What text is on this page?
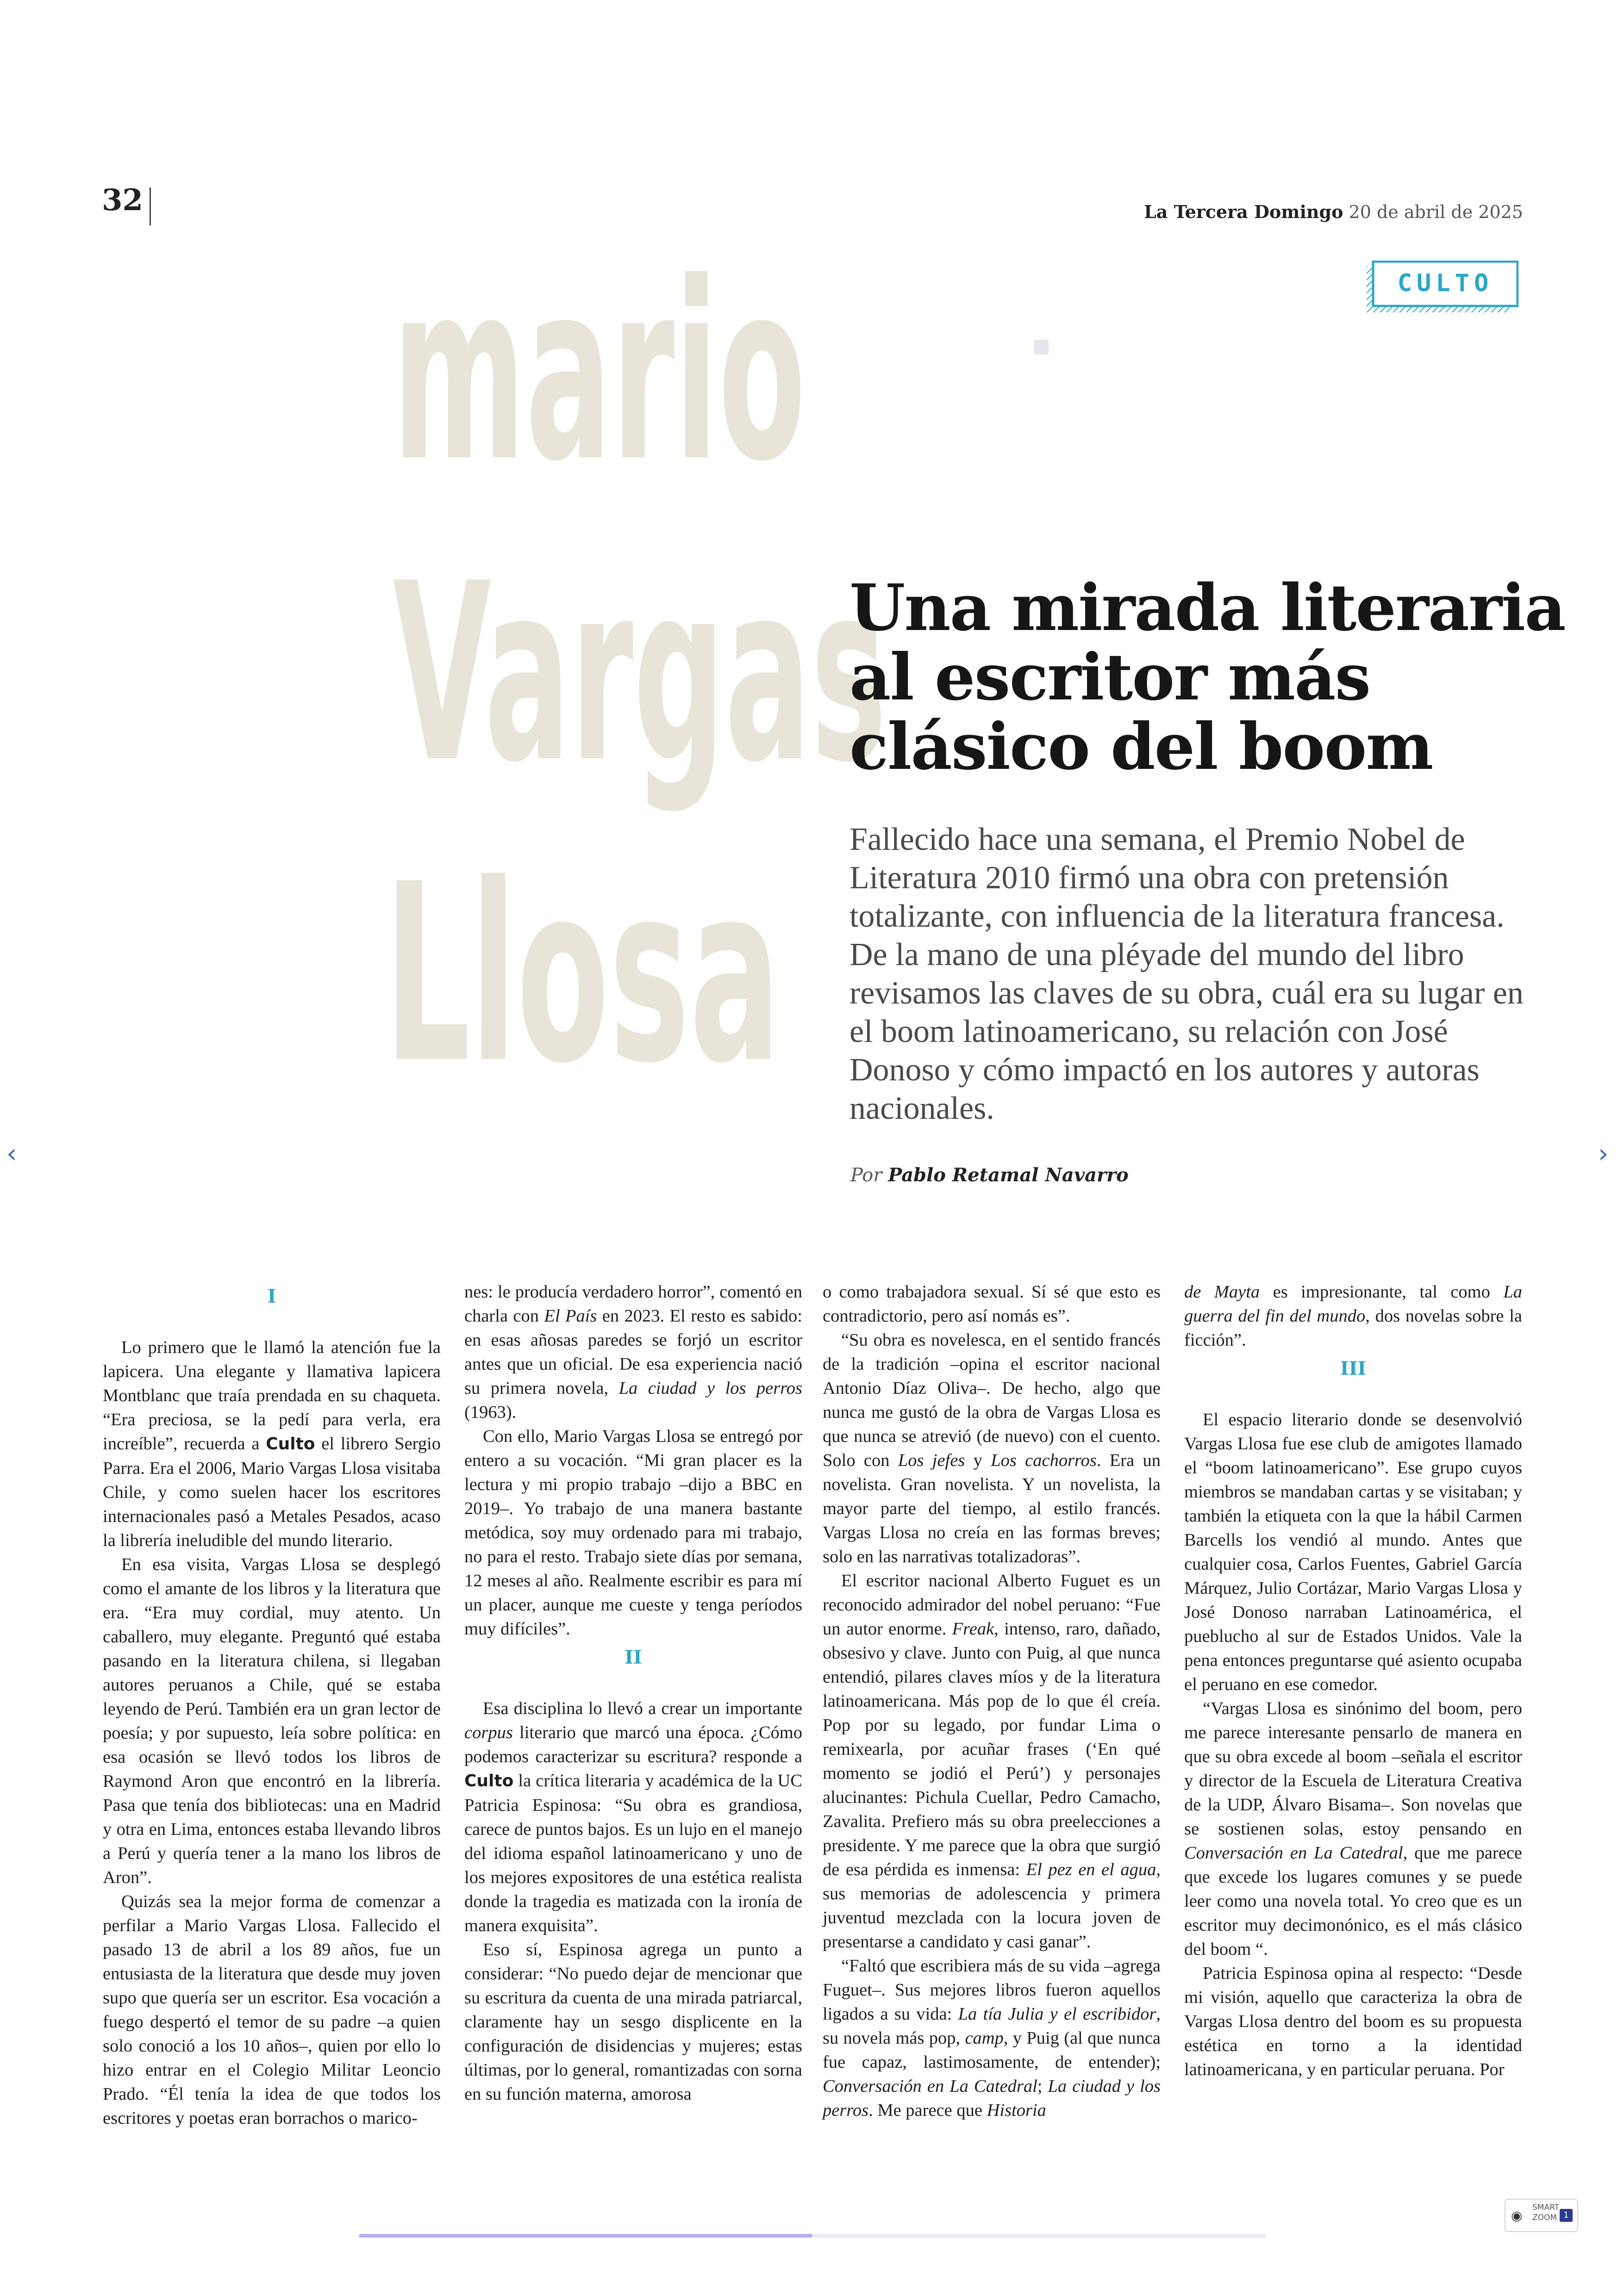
32	La Tercera Domingo 20 de abril de 2025
CULTO
mario
Vargas
Llosa
Una mirada literaria
al escritor más
clásico del boom
Fallecido hace una semana, el Premio Nobel de Literatura 2010 firmó una obra con pretensión totalizante, con influencia de la literatura francesa. De la mano de una pléyade del mundo del libro revisamos las claves de su obra, cuál era su lugar en el boom latinoamericano, su relación con José Donoso y cómo impactó en los autores y autoras nacionales.
Por Pablo Retamal Navarro

I

Lo primero que le llamó la atención fue la lapicera. Una elegante y llamativa lapicera Montblanc que traía prendada en su chaqueta. “Era preciosa, se la pedí para verla, era increíble”, recuerda a Culto el librero Sergio Parra. Era el 2006, Mario Vargas Llosa visitaba Chile, y como suelen hacer los escritores internacionales pasó a Metales Pesados, acaso la librería ineludible del mundo literario.

En esa visita, Vargas Llosa se desplegó como el amante de los libros y la literatura que era. “Era muy cordial, muy atento. Un caballero, muy elegante. Preguntó qué estaba pasando en la literatura chilena, si llegaban autores peruanos a Chile, qué se estaba leyendo de Perú. También era un gran lector de poesía; y por supuesto, leía sobre política: en esa ocasión se llevó todos los libros de Raymond Aron que encontró en la librería. Pasa que tenía dos bibliotecas: una en Madrid y otra en Lima, entonces estaba llevando libros a Perú y quería tener a la mano los libros de Aron”.

Quizás sea la mejor forma de comenzar a perfilar a Mario Vargas Llosa. Fallecido el pasado 13 de abril a los 89 años, fue un entusiasta de la literatura que desde muy joven supo que quería ser un escritor. Esa vocación a fuego despertó el temor de su padre –a quien solo conoció a los 10 años–, quien por ello lo hizo entrar en el Colegio Militar Leoncio Prado. “Él tenía la idea de que todos los escritores y poetas eran borrachos o marico-

nes: le producía verdadero horror”, comentó en charla con El País en 2023. El resto es sabido: en esas añosas paredes se forjó un escritor antes que un oficial. De esa experiencia nació su primera novela, La ciudad y los perros (1963).

Con ello, Mario Vargas Llosa se entregó por entero a su vocación. “Mi gran placer es la lectura y mi propio trabajo –dijo a BBC en 2019–. Yo trabajo de una manera bastante metódica, soy muy ordenado para mi trabajo, no para el resto. Trabajo siete días por semana, 12 meses al año. Realmente escribir es para mí un placer, aunque me cueste y tenga períodos muy difíciles”.

II

Esa disciplina lo llevó a crear un importante corpus literario que marcó una época. ¿Cómo podemos caracterizar su escritura? responde a Culto la crítica literaria y académica de la UC Patricia Espinosa: “Su obra es grandiosa, carece de puntos bajos. Es un lujo en el manejo del idioma español latinoamericano y uno de los mejores expositores de una estética realista donde la tragedia es matizada con la ironía de manera exquisita”.

Eso sí, Espinosa agrega un punto a considerar: “No puedo dejar de mencionar que su escritura da cuenta de una mirada patriarcal, claramente hay un sesgo displicente en la configuración de disidencias y mujeres; estas últimas, por lo general, romantizadas con sorna en su función materna, amorosa

o como trabajadora sexual. Sí sé que esto es contradictorio, pero así nomás es”.

“Su obra es novelesca, en el sentido francés de la tradición –opina el escritor nacional Antonio Díaz Oliva–. De hecho, algo que nunca me gustó de la obra de Vargas Llosa es que nunca se atrevió (de nuevo) con el cuento. Solo con Los jefes y Los cachorros. Era un novelista. Gran novelista. Y un novelista, la mayor parte del tiempo, al estilo francés. Vargas Llosa no creía en las formas breves; solo en las narrativas totalizadoras”.

El escritor nacional Alberto Fuguet es un reconocido admirador del nobel peruano: “Fue un autor enorme. Freak, intenso, raro, dañado, obsesivo y clave. Junto con Puig, al que nunca entendió, pilares claves míos y de la literatura latinoamericana. Más pop de lo que él creía. Pop por su legado, por fundar Lima o remixearla, por acuñar frases (‘En qué momento se jodió el Perú’) y personajes alucinantes: Pichula Cuellar, Pedro Camacho, Zavalita. Prefiero más su obra preelecciones a presidente. Y me parece que la obra que surgió de esa pérdida es inmensa: El pez en el agua, sus memorias de adolescencia y primera juventud mezclada con la locura joven de presentarse a candidato y casi ganar”.

“Faltó que escribiera más de su vida –agrega Fuguet–. Sus mejores libros fueron aquellos ligados a su vida: La tía Julia y el escribidor, su novela más pop, camp, y Puig (al que nunca fue capaz, lastimosamente, de entender); Conversación en La Catedral; La ciudad y los perros. Me parece que Historia

de Mayta es impresionante, tal como La guerra del fin del mundo, dos novelas sobre la ficción”.

III

El espacio literario donde se desenvolvió Vargas Llosa fue ese club de amigotes llamado el “boom latinoamericano”. Ese grupo cuyos miembros se mandaban cartas y se visitaban; y también la etiqueta con la que la hábil Carmen Barcells los vendió al mundo. Antes que cualquier cosa, Carlos Fuentes, Gabriel García Márquez, Julio Cortázar, Mario Vargas Llosa y José Donoso narraban Latinoamérica, el pueblucho al sur de Estados Unidos. Vale la pena entonces preguntarse qué asiento ocupaba el peruano en ese comedor.

“Vargas Llosa es sinónimo del boom, pero me parece interesante pensarlo de manera en que su obra excede al boom –señala el escritor y director de la Escuela de Literatura Creativa de la UDP, Álvaro Bisama–. Son novelas que se sostienen solas, estoy pensando en Conversación en La Catedral, que me parece que excede los lugares comunes y se puede leer como una novela total. Yo creo que es un escritor muy decimonónico, es el más clásico del boom “.

Patricia Espinosa opina al respecto: “Desde mi visión, aquello que caracteriza la obra de Vargas Llosa dentro del boom es su propuesta estética en torno a la identidad latinoamericana, y en particular peruana. Por

‹	›
◉
SMART
ZOOM 1
